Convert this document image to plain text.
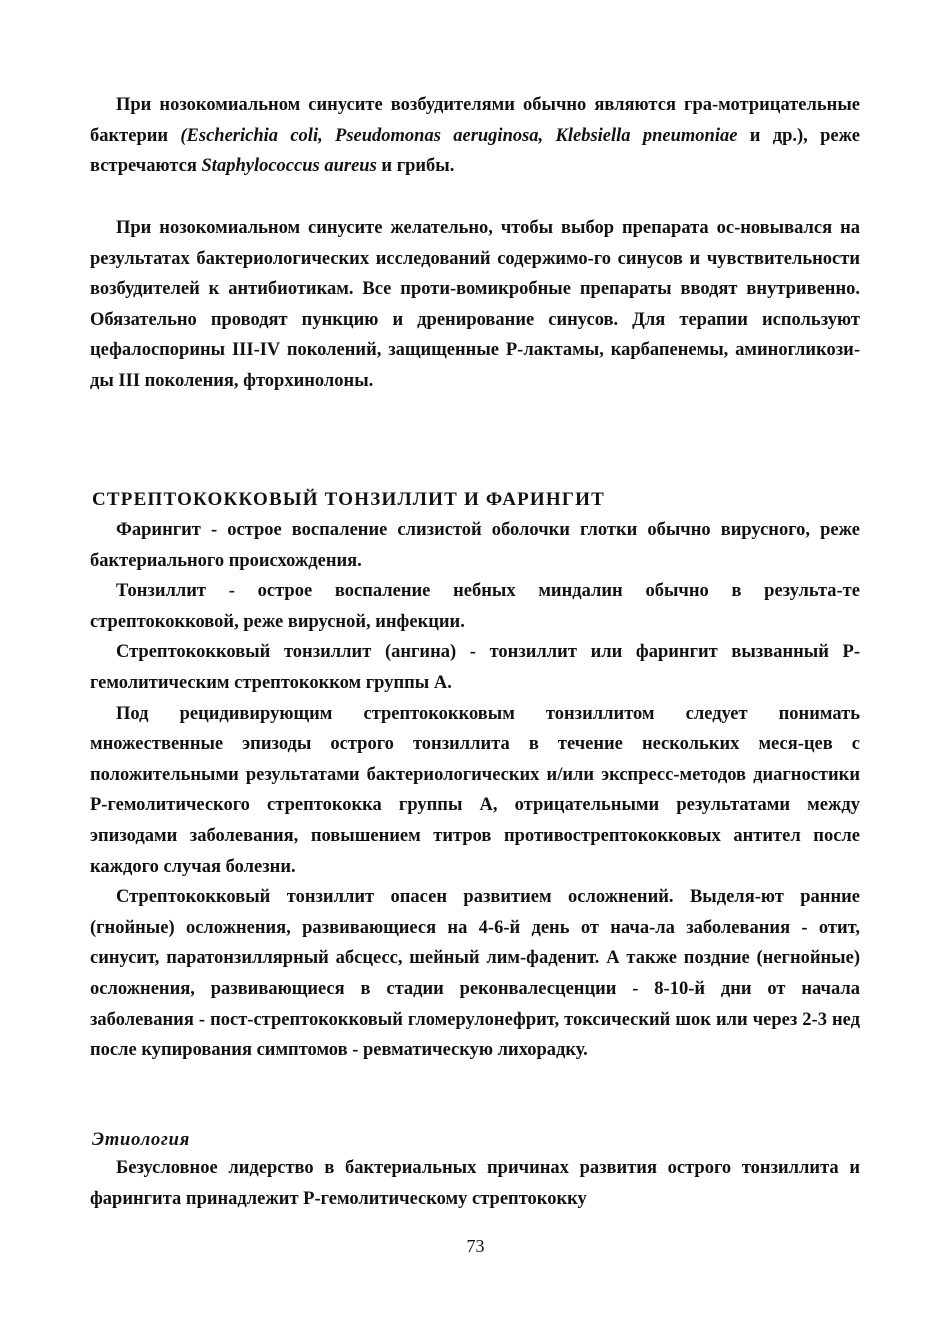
При нозокомиальном синусите возбудителями обычно являются гра-мотрицательные бактерии (Escherichia coli, Pseudomonas aeruginosa, Klebsiella pneumoniae и др.), реже встречаются Staphylococcus aureus и грибы.

При нозокомиальном синусите желательно, чтобы выбор препарата ос-новывался на результатах бактериологических исследований содержимо-го синусов и чувствительности возбудителей к антибиотикам. Все проти-вомикробные препараты вводят внутривенно. Обязательно проводят пункцию и дренирование синусов. Для терапии используют цефалоспорины III-IV поколений, защищенные Р-лактамы, карбапенемы, аминогликози-ды III поколения, фторхинолоны.

СТРЕПТОКОККОВЫЙ ТОНЗИЛЛИТ И ФАРИНГИТ

Фарингит - острое воспаление слизистой оболочки глотки обычно вирусного, реже бактериального происхождения.

Тонзиллит - острое воспаление небных миндалин обычно в результа-те стрептококковой, реже вирусной, инфекции.

Стрептококковый тонзиллит (ангина) - тонзиллит или фарингит вызванный Р-гемолитическим стрептококком группы А.

Под рецидивирующим стрептококковым тонзиллитом следует понимать множественные эпизоды острого тонзиллита в течение нескольких меся-цев с положительными результатами бактериологических и/или экспресс-методов диагностики Р-гемолитического стрептококка группы А, отрицательными результатами между эпизодами заболевания, повышением титров противострептококковых антител после каждого случая болезни.

Стрептококковый тонзиллит опасен развитием осложнений. Выделя-ют ранние (гнойные) осложнения, развивающиеся на 4-6-й день от нача-ла заболевания - отит, синусит, паратонзиллярный абсцесс, шейный лим-фаденит. А также поздние (негнойные) осложнения, развивающиеся в стадии реконвалесценции - 8-10-й дни от начала заболевания - пост-стрептококковый гломерулонефрит, токсический шок или через 2-3 нед после купирования симптомов - ревматическую лихорадку.

Этиология

Безусловное лидерство в бактериальных причинах развития острого тонзиллита и фарингита принадлежит Р-гемолитическому стрептококку

73
